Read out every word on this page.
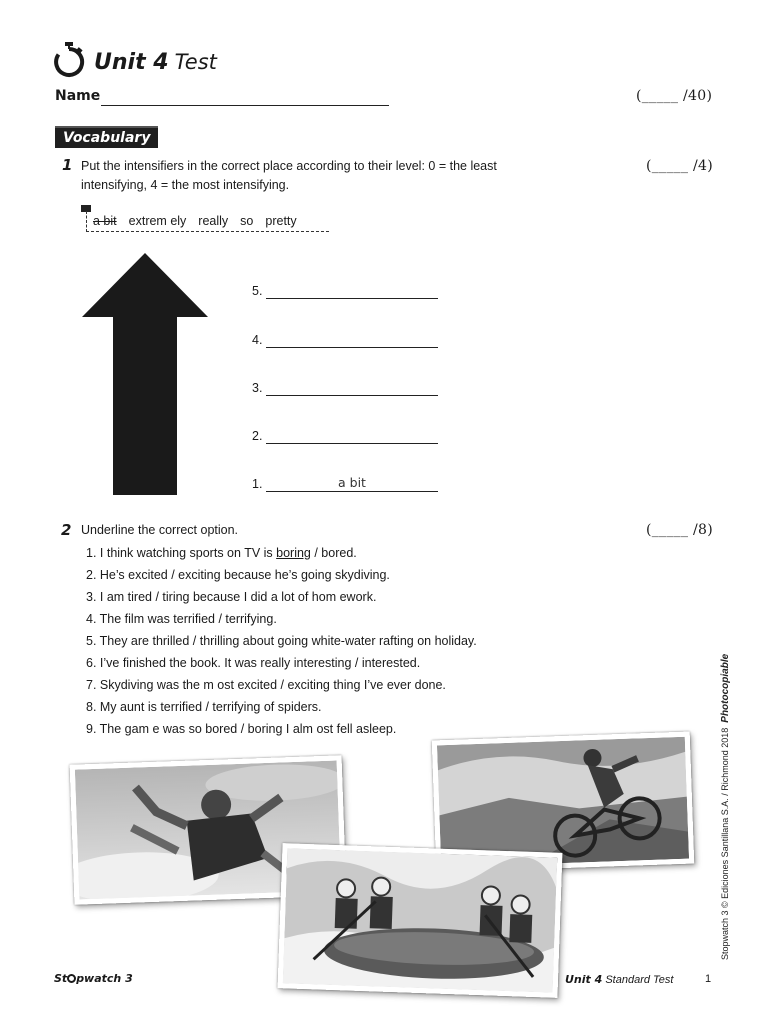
Unit 4 Test
Name	(_____ /40)
Vocabulary
1 Put the intensifiers in the correct place according to their level: 0 = the least
intensifying, 4 = the most intensifying.
(_____ /4)
a bit extrem ely really so pretty
5.
4.
3.
2.
1.	a bit
2 Underline the correct option.	(_____ /8)
1. I think watching sports on TV is boring / bored.
2. He’s excited / exciting because he’s going skydiving.
3. I am tired / tiring because I did a lot of hom ework.
4. The film was terrified / terrifying.
5. They are thrilled / thrilling about going white-water rafting on holiday.
6. I’ve finished the book. It was really interesting / interested.
7. Skydiving was the m ost excited / exciting thing I’ve ever done.
8. My aunt is terrified / terrifying of spiders.
9. The gam e was so bored / boring I alm ost fell asleep.	Stopwatch 3 © Ediciones Santillana S.A. / Richmond 2018  Photocopiable
St pwatch 3	Unit 4 Standard Test	1
